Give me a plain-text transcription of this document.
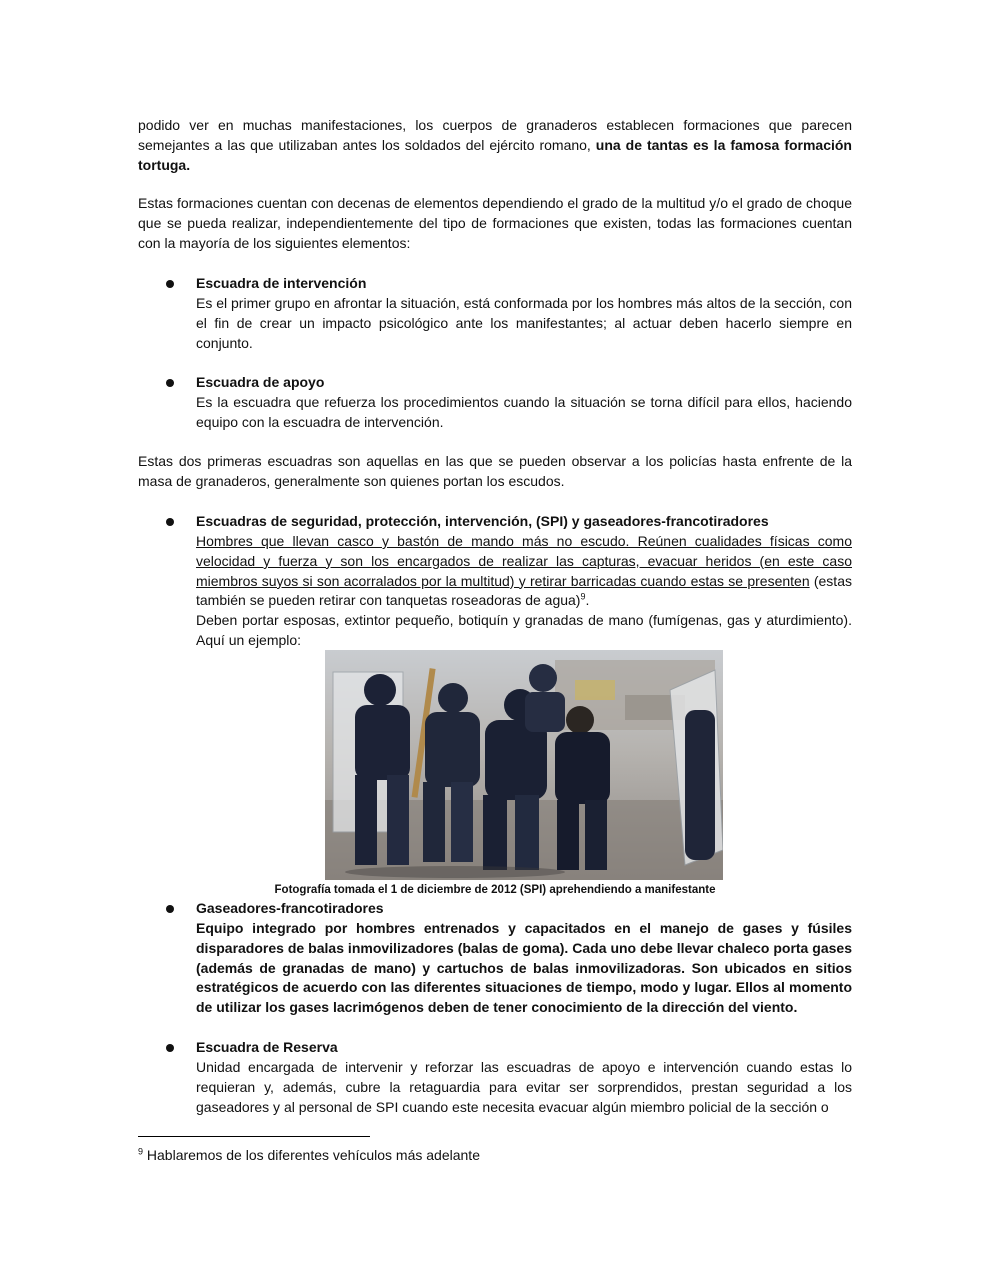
podido ver en muchas manifestaciones, los cuerpos de granaderos establecen formaciones que parecen semejantes a las que utilizaban antes los soldados del ejército romano, una de tantas es la famosa formación tortuga.
Estas formaciones cuentan con decenas de elementos dependiendo el grado de la multitud y/o el grado de choque que se pueda realizar, independientemente del tipo de formaciones que existen, todas las formaciones cuentan con la mayoría de los siguientes elementos:
Escuadra de intervención
Es el primer grupo en afrontar la situación, está conformada por los hombres más altos de la sección, con el fin de crear un impacto psicológico ante los manifestantes; al actuar deben hacerlo siempre en conjunto.
Escuadra de apoyo
Es la escuadra que refuerza los procedimientos cuando la situación se torna difícil para ellos, haciendo equipo con la escuadra de intervención.
Estas dos primeras escuadras son aquellas en las que se pueden observar a los policías hasta enfrente de la masa de granaderos, generalmente son quienes portan los escudos.
Escuadras de seguridad, protección, intervención, (SPI) y gaseadores-francotiradores
Hombres que llevan casco y bastón de mando más no escudo. Reúnen cualidades físicas como velocidad y fuerza y son los encargados de realizar las capturas, evacuar heridos (en este caso miembros suyos si son acorralados por la multitud) y retirar barricadas cuando estas se presenten (estas también se pueden retirar con tanquetas roseadoras de agua)$^9$.
Deben portar esposas, extintor pequeño, botiquín y granadas de mano (fumígenas, gas y aturdimiento). Aquí un ejemplo:
Fotografía tomada el 1 de diciembre de 2012 (SPI) aprehendiendo a manifestante
Gaseadores-francotiradores
Equipo integrado por hombres entrenados y capacitados en el manejo de gases y fúsiles disparadores de balas inmovilizadores (balas de goma). Cada uno debe llevar chaleco porta gases (además de granadas de mano) y cartuchos de balas inmovilizadoras. Son ubicados en sitios estratégicos de acuerdo con las diferentes situaciones de tiempo, modo y lugar. Ellos al momento de utilizar los gases lacrimógenos deben de tener conocimiento de la dirección del viento.
Escuadra de Reserva
Unidad encargada de intervenir y reforzar las escuadras de apoyo e intervención cuando estas lo requieran y, además, cubre la retaguardia para evitar ser sorprendidos, prestan seguridad a los gaseadores y al personal de SPI cuando este necesita evacuar algún miembro policial de la sección o
$^9$ Hablaremos de los diferentes vehículos más adelante
